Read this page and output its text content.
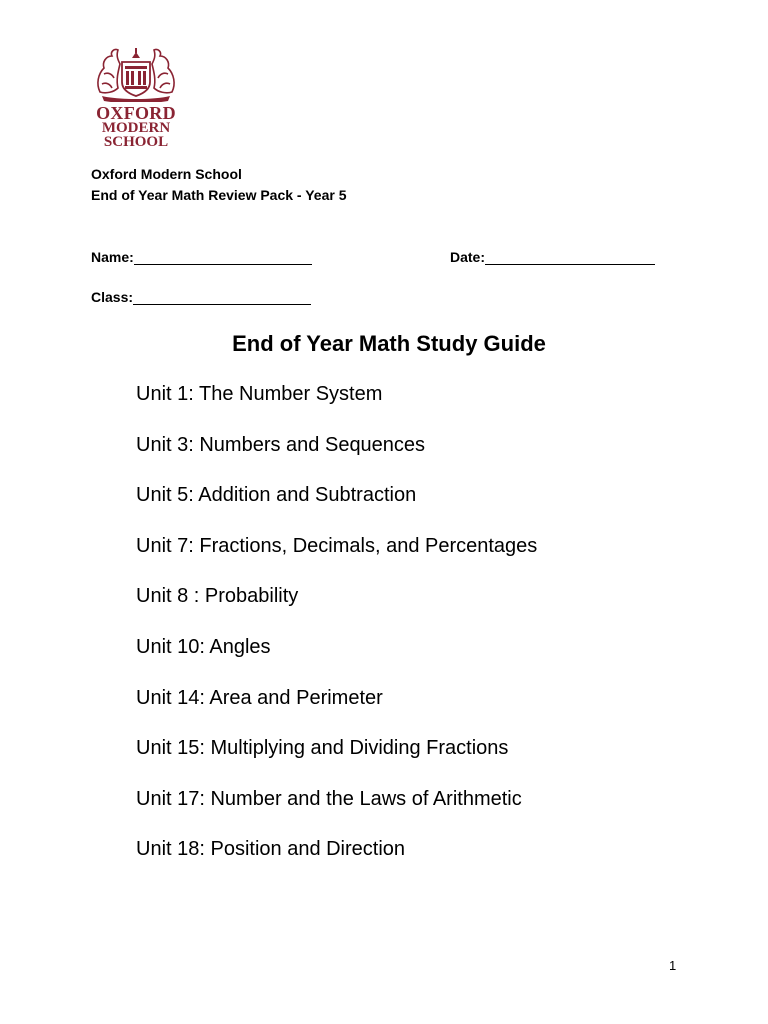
OXFORD
MODERN
SCHOOL
Oxford Modern School
End of Year Math Review Pack - Year 5
Name:	Date:
Class:
End of Year Math Study Guide
Unit 1: The Number System
Unit 3: Numbers and Sequences
Unit 5: Addition and Subtraction
Unit 7: Fractions, Decimals, and Percentages
Unit 8 : Probability
Unit 10: Angles
Unit 14: Area and Perimeter
Unit 15: Multiplying and Dividing Fractions
Unit 17: Number and the Laws of Arithmetic
Unit 18: Position and Direction
1
